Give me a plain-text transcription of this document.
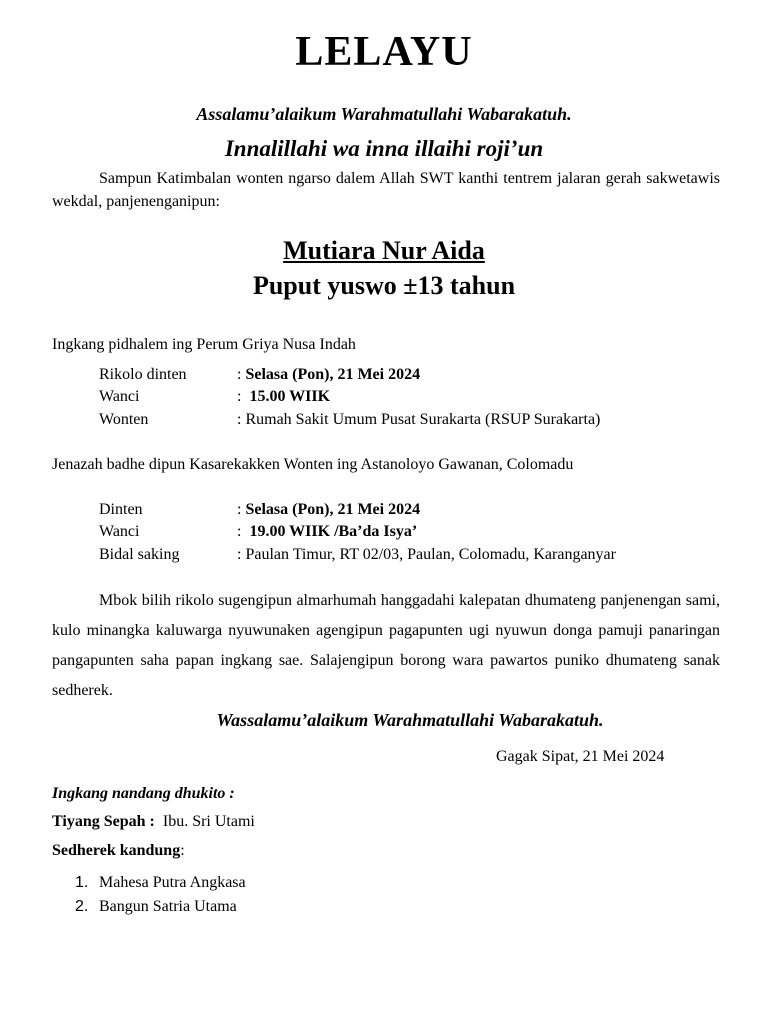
LELAYU
Assalamu’alaikum Warahmatullahi Wabarakatuh.
Innalillahi wa inna illaihi roji’un
Sampun Katimbalan wonten ngarso dalem Allah SWT kanthi tentrem jalaran gerah sakwetawis wekdal, panjenenganipun:
Mutiara Nur Aida
Puput yuswo ±13 tahun
Ingkang pidhalem ing Perum Griya Nusa Indah
Rikolo dinten	: Selasa (Pon), 21 Mei 2024
Wanci	:  15.00 WIIK
Wonten	: Rumah Sakit Umum Pusat Surakarta (RSUP Surakarta)
Jenazah badhe dipun Kasarekakken Wonten ing Astanoloyo Gawanan, Colomadu
Dinten	: Selasa (Pon), 21 Mei 2024
Wanci	:  19.00 WIIK /Ba’da Isya’
Bidal saking	: Paulan Timur, RT 02/03, Paulan, Colomadu, Karanganyar
Mbok bilih rikolo sugengipun almarhumah hanggadahi kalepatan dhumateng panjenengan sami, kulo minangka kaluwarga nyuwunaken agengipun pagapunten ugi nyuwun donga pamuji panaringan pangapunten saha papan ingkang sae. Salajengipun borong wara pawartos puniko dhumateng sanak sedherek.
Wassalamu’alaikum Warahmatullahi Wabarakatuh.
Gagak Sipat, 21 Mei 2024
Ingkang nandang dhukito :
Tiyang Sepah : Ibu. Sri Utami
Sedherek kandung:
1. Mahesa Putra Angkasa
2. Bangun Satria Utama
